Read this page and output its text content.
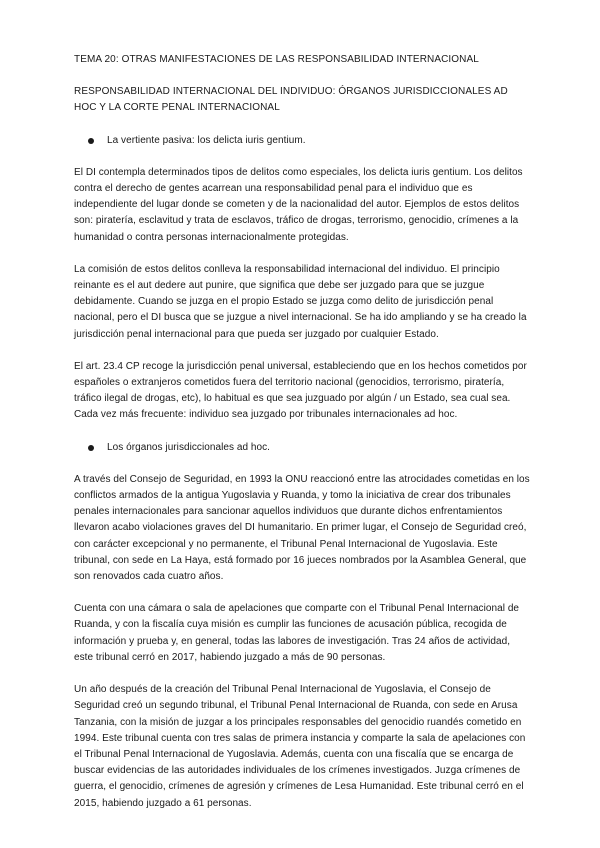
TEMA 20: OTRAS MANIFESTACIONES DE LAS RESPONSABILIDAD INTERNACIONAL

RESPONSABILIDAD INTERNACIONAL DEL INDIVIDUO: ÓRGANOS JURISDICCIONALES AD HOC Y LA CORTE PENAL INTERNACIONAL

La vertiente pasiva: los delicta iuris gentium.

El DI contempla determinados tipos de delitos como especiales, los delicta iuris gentium. Los delitos contra el derecho de gentes acarrean una responsabilidad penal para el individuo que es independiente del lugar donde se cometen y de la nacionalidad del autor. Ejemplos de estos delitos son: piratería, esclavitud y trata de esclavos, tráfico de drogas, terrorismo, genocidio, crímenes a la humanidad o contra personas internacionalmente protegidas.

La comisión de estos delitos conlleva la responsabilidad internacional del individuo. El principio reinante es el aut dedere aut punire, que significa que debe ser juzgado para que se juzgue debidamente. Cuando se juzga en el propio Estado se juzga como delito de jurisdicción penal nacional, pero el DI busca que se juzgue a nivel internacional. Se ha ido ampliando y se ha creado la jurisdicción penal internacional para que pueda ser juzgado por cualquier Estado.

El art. 23.4 CP recoge la jurisdicción penal universal, estableciendo que en los hechos cometidos por españoles o extranjeros cometidos fuera del territorio nacional (genocidios, terrorismo, piratería, tráfico ilegal de drogas, etc), lo habitual es que sea juzguado por algún / un Estado, sea cual sea. Cada vez más frecuente: individuo sea juzgado por tribunales internacionales ad hoc.

Los órganos jurisdiccionales ad hoc.

A través del Consejo de Seguridad, en 1993 la ONU reaccionó entre las atrocidades cometidas en los conflictos armados de la antigua Yugoslavia y Ruanda, y tomo la iniciativa de crear dos tribunales penales internacionales para sancionar aquellos individuos que durante dichos enfrentamientos llevaron acabo violaciones graves del DI humanitario. En primer lugar, el Consejo de Seguridad creó, con carácter excepcional y no permanente, el Tribunal Penal Internacional de Yugoslavia. Este tribunal, con sede en La Haya, está formado por 16 jueces nombrados por la Asamblea General, que son renovados cada cuatro años.

Cuenta con una cámara o sala de apelaciones que comparte con el Tribunal Penal Internacional de Ruanda, y con la fiscalía cuya misión es cumplir las funciones de acusación pública, recogida de información y prueba y, en general, todas las labores de investigación. Tras 24 años de actividad, este tribunal cerró en 2017, habiendo juzgado a más de 90 personas.

Un año después de la creación del Tribunal Penal Internacional de Yugoslavia, el Consejo de Seguridad creó un segundo tribunal, el Tribunal Penal Internacional de Ruanda, con sede en Arusa Tanzania, con la misión de juzgar a los principales responsables del genocidio ruandés cometido en 1994. Este tribunal cuenta con tres salas de primera instancia y comparte la sala de apelaciones con el Tribunal Penal Internacional de Yugoslavia. Además, cuenta con una fiscalía que se encarga de buscar evidencias de las autoridades individuales de los crímenes investigados. Juzga crímenes de guerra, el genocidio, crímenes de agresión y crímenes de Lesa Humanidad. Este tribunal cerró en el 2015, habiendo juzgado a 61 personas.
